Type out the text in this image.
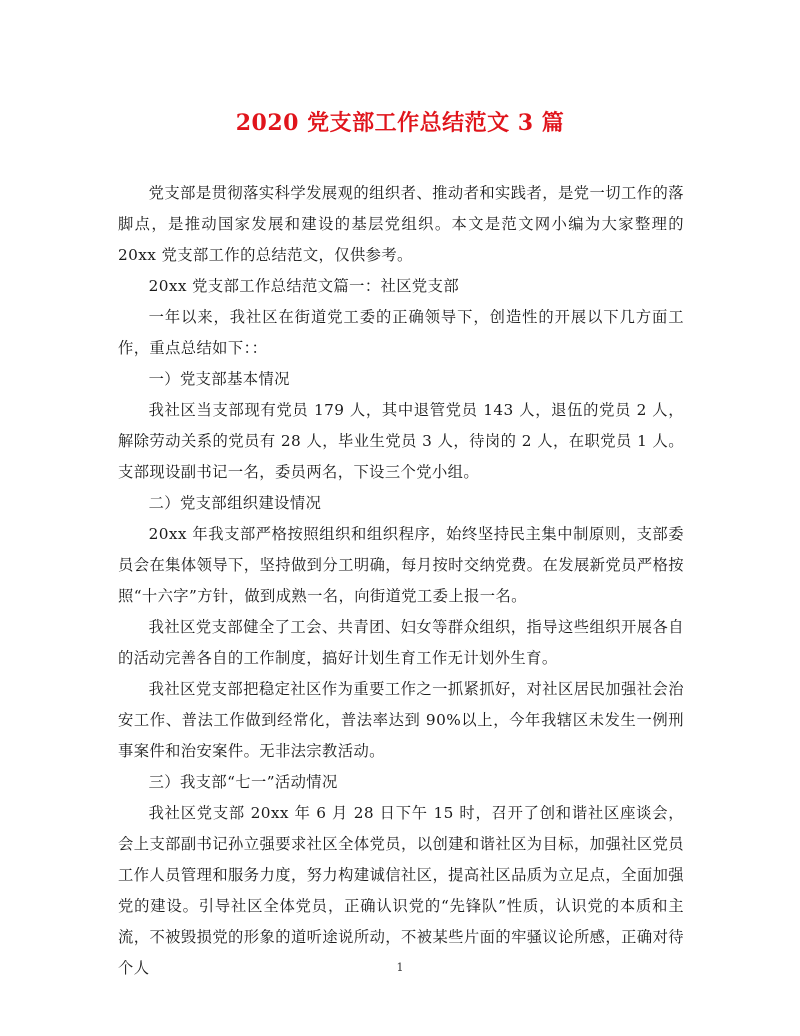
2020 党支部工作总结范文 3 篇

党支部是贯彻落实科学发展观的组织者、推动者和实践者，是党一切工作的落脚点，是推动国家发展和建设的基层党组织。本文是范文网小编为大家整理的 20xx 党支部工作的总结范文，仅供参考。

20xx 党支部工作总结范文篇一：社区党支部

一年以来，我社区在街道党工委的正确领导下，创造性的开展以下几方面工作，重点总结如下：：

一）党支部基本情况

我社区当支部现有党员 179 人，其中退管党员 143 人，退伍的党员 2 人，解除劳动关系的党员有 28 人，毕业生党员 3 人，待岗的 2 人，在职党员 1 人。支部现设副书记一名，委员两名，下设三个党小组。

二）党支部组织建设情况

20xx 年我支部严格按照组织和组织程序，始终坚持民主集中制原则，支部委员会在集体领导下，坚持做到分工明确，每月按时交纳党费。在发展新党员严格按照“十六字”方针，做到成熟一名，向街道党工委上报一名。

我社区党支部健全了工会、共青团、妇女等群众组织，指导这些组织开展各自的活动完善各自的工作制度，搞好计划生育工作无计划外生育。

我社区党支部把稳定社区作为重要工作之一抓紧抓好，对社区居民加强社会治安工作、普法工作做到经常化，普法率达到 90%以上，今年我辖区未发生一例刑事案件和治安案件。无非法宗教活动。

三）我支部“七一”活动情况

我社区党支部 20xx 年 6 月 28 日下午 15 时，召开了创和谐社区座谈会，会上支部副书记孙立强要求社区全体党员，以创建和谐社区为目标，加强社区党员工作人员管理和服务力度，努力构建诚信社区，提高社区品质为立足点，全面加强党的建设。引导社区全体党员，正确认识党的“先锋队”性质，认识党的本质和主流，不被毁损党的形象的道听途说所动，不被某些片面的牢骚议论所感，正确对待个人	1
